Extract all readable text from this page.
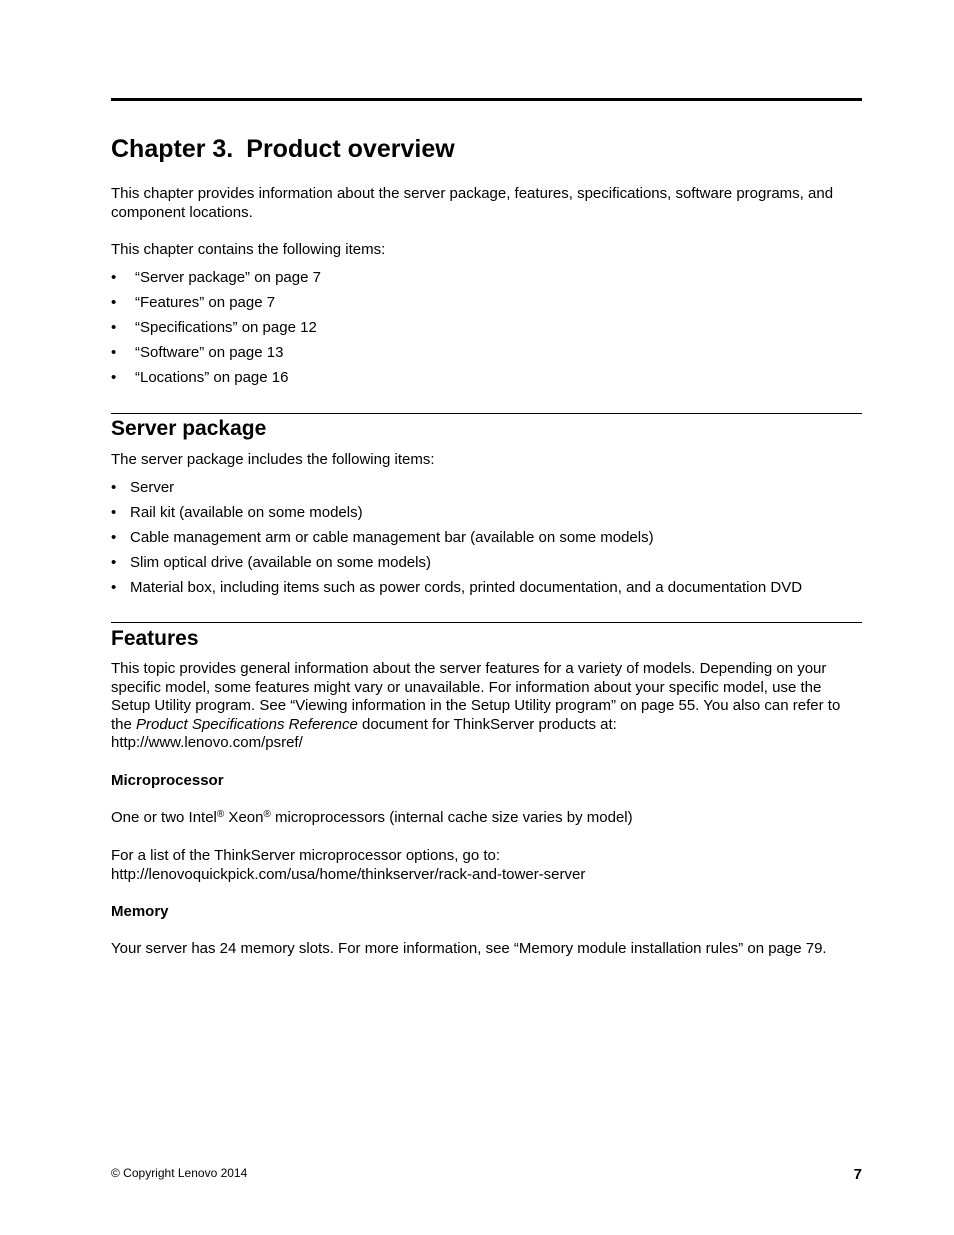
Chapter 3. Product overview

This chapter provides information about the server package, features, specifications, software programs, and component locations.

This chapter contains the following items:

• “Server package” on page 7
• “Features” on page 7
• “Specifications” on page 12
• “Software” on page 13
• “Locations” on page 16
Server package

The server package includes the following items:

• Server
• Rail kit (available on some models)
• Cable management arm or cable management bar (available on some models)
• Slim optical drive (available on some models)
• Material box, including items such as power cords, printed documentation, and a documentation DVD
Features

This topic provides general information about the server features for a variety of models. Depending on your specific model, some features might vary or unavailable. For information about your specific model, use the Setup Utility program. See “Viewing information in the Setup Utility program” on page 55. You also can refer to the Product Specifications Reference document for ThinkServer products at:
http://www.lenovo.com/psref/

Microprocessor

One or two Intel® Xeon® microprocessors (internal cache size varies by model)

For a list of the ThinkServer microprocessor options, go to:
http://lenovoquickpick.com/usa/home/thinkserver/rack-and-tower-server

Memory

Your server has 24 memory slots. For more information, see “Memory module installation rules” on page 79.

© Copyright Lenovo 2014	7
